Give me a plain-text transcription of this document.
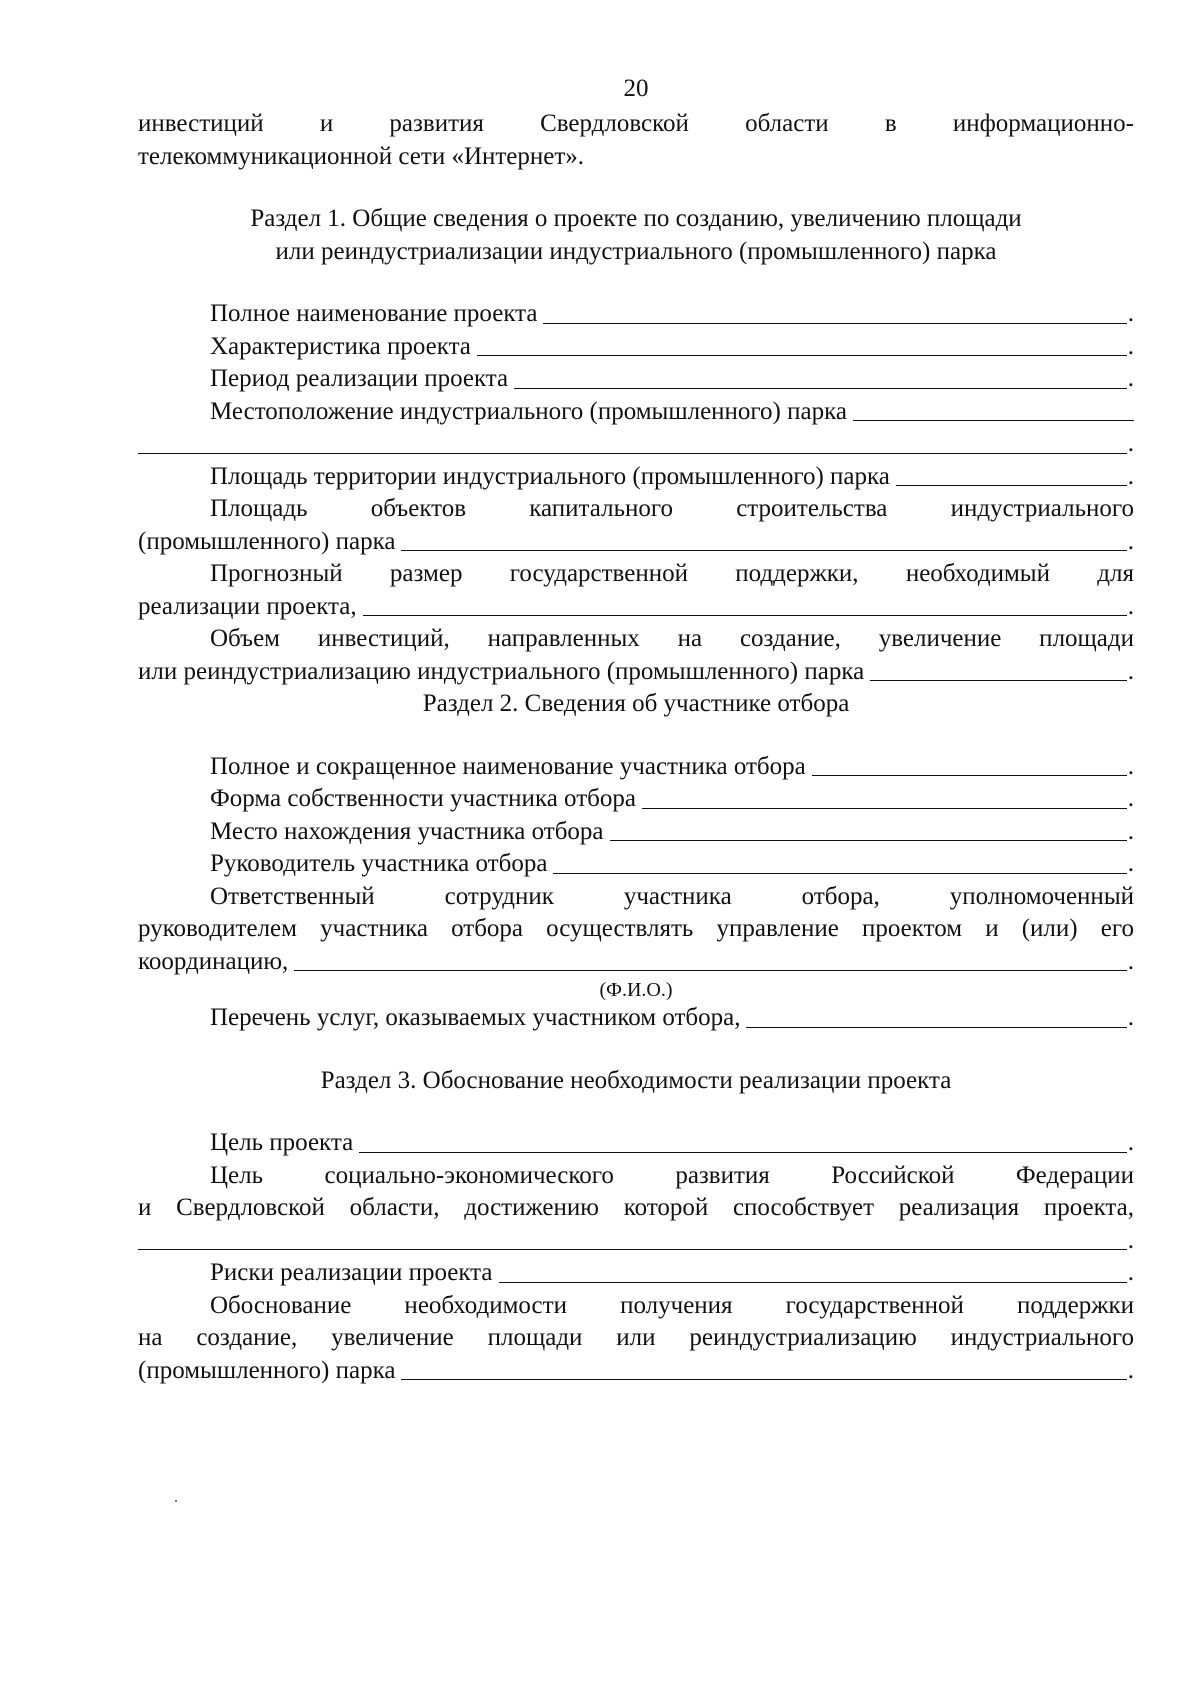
20
инвестиций и развития Свердловской области в информационно-
телекоммуникационной сети «Интернет».
Раздел 1. Общие сведения о проекте по созданию, увеличению площади
или реиндустриализации индустриального (промышленного) парка
Полное наименование проекта	.
Характеристика проекта	.
Период реализации проекта	.
Местоположение индустриального (промышленного) парка
.
Площадь территории индустриального (промышленного) парка	.
Площадь объектов капитального строительства индустриального
(промышленного) парка	.
Прогнозный размер государственной поддержки, необходимый для
реализации проекта,	.
Объем инвестиций, направленных на создание, увеличение площади
или реиндустриализацию индустриального (промышленного) парка	.
Раздел 2. Сведения об участнике отбора
Полное и сокращенное наименование участника отбора	.
Форма собственности участника отбора	.
Место нахождения участника отбора	.
Руководитель участника отбора	.
Ответственный сотрудник участника отбора, уполномоченный
руководителем участника отбора осуществлять управление проектом и (или) его
координацию,	.
(Ф.И.О.)
Перечень услуг, оказываемых участником отбора,	.
Раздел 3. Обоснование необходимости реализации проекта
Цель проекта	.
Цель социально-экономического развития Российской Федерации
и Свердловской области, достижению которой способствует реализация проекта,
.
Риски реализации проекта	.
Обоснование необходимости получения государственной поддержки
на создание, увеличение площади или реиндустриализацию индустриального
(промышленного) парка	.
